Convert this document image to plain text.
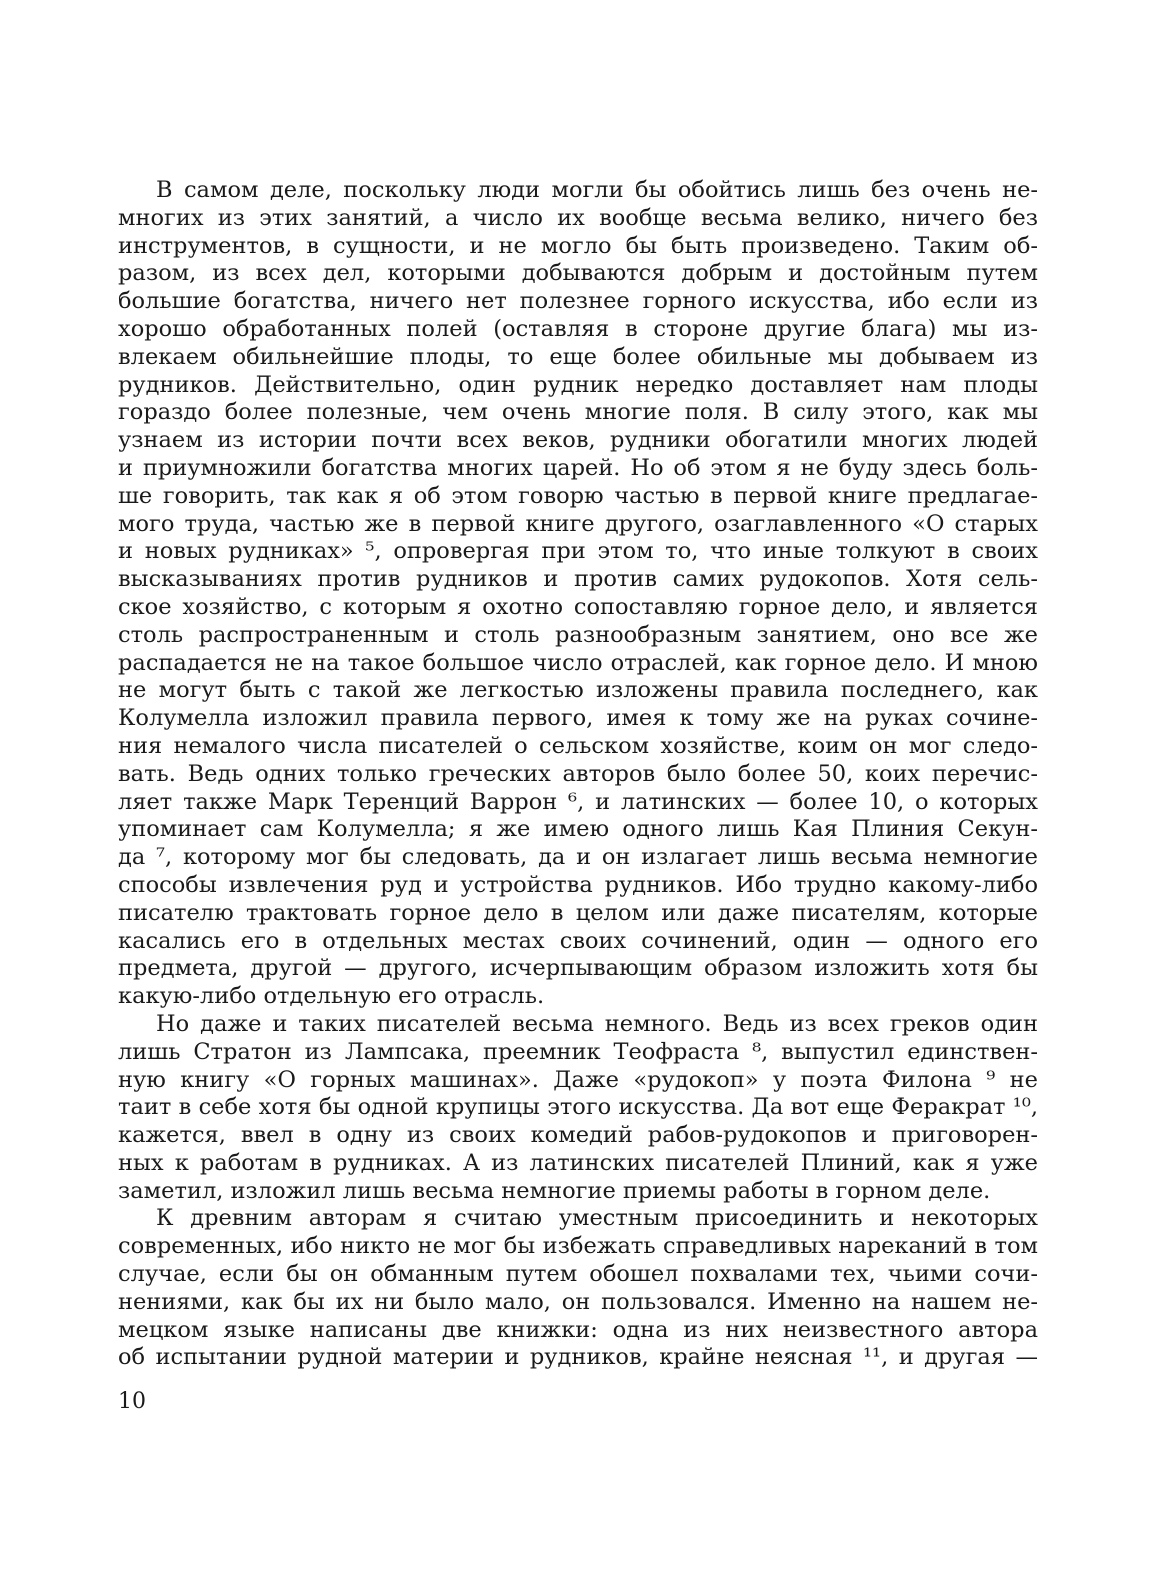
В самом деле, поскольку люди могли бы обойтись лишь без очень не-
многих из этих занятий, а число их вообще весьма велико, ничего без
инструментов, в сущности, и не могло бы быть произведено. Таким об-
разом, из всех дел, которыми добываются добрым и достойным путем
большие богатства, ничего нет полезнее горного искусства, ибо если из
хорошо обработанных полей (оставляя в стороне другие блага) мы из-
влекаем обильнейшие плоды, то еще более обильные мы добываем из
рудников. Действительно, один рудник нередко доставляет нам плоды
гораздо более полезные, чем очень многие поля. В силу этого, как мы
узнаем из истории почти всех веков, рудники обогатили многих людей
и приумножили богатства многих царей. Но об этом я не буду здесь боль-
ше говорить, так как я об этом говорю частью в первой книге предлагае-
мого труда, частью же в первой книге другого, озаглавленного «О старых
и новых рудниках» ⁵, опровергая при этом то, что иные толкуют в своих
высказываниях против рудников и против самих рудокопов. Хотя сель-
ское хозяйство, с которым я охотно сопоставляю горное дело, и является
столь распространенным и столь разнообразным занятием, оно все же
распадается не на такое большое число отраслей, как горное дело. И мною
не могут быть с такой же легкостью изложены правила последнего, как
Колумелла изложил правила первого, имея к тому же на руках сочине-
ния немалого числа писателей о сельском хозяйстве, коим он мог следо-
вать. Ведь одних только греческих авторов было более 50, коих перечис-
ляет также Марк Теренций Варрон ⁶, и латинских — более 10, о которых
упоминает сам Колумелла; я же имею одного лишь Кая Плиния Секун-
да ⁷, которому мог бы следовать, да и он излагает лишь весьма немногие
способы извлечения руд и устройства рудников. Ибо трудно какому-либо
писателю трактовать горное дело в целом или даже писателям, которые
касались его в отдельных местах своих сочинений, один — одного его
предмета, другой — другого, исчерпывающим образом изложить хотя бы
какую-либо отдельную его отрасль.
Но даже и таких писателей весьма немного. Ведь из всех греков один
лишь Стратон из Лампсака, преемник Теофраста ⁸, выпустил единствен-
ную книгу «О горных машинах». Даже «рудокоп» у поэта Филона ⁹ не
таит в себе хотя бы одной крупицы этого искусства. Да вот еще Феракрат ¹⁰,
кажется, ввел в одну из своих комедий рабов-рудокопов и приговорен-
ных к работам в рудниках. А из латинских писателей Плиний, как я уже
заметил, изложил лишь весьма немногие приемы работы в горном деле.
К древним авторам я считаю уместным присоединить и некоторых
современных, ибо никто не мог бы избежать справедливых нареканий в том
случае, если бы он обманным путем обошел похвалами тех, чьими сочи-
нениями, как бы их ни было мало, он пользовался. Именно на нашем не-
мецком языке написаны две книжки: одна из них неизвестного автора
об испытании рудной материи и рудников, крайне неясная ¹¹, и другая —
10
